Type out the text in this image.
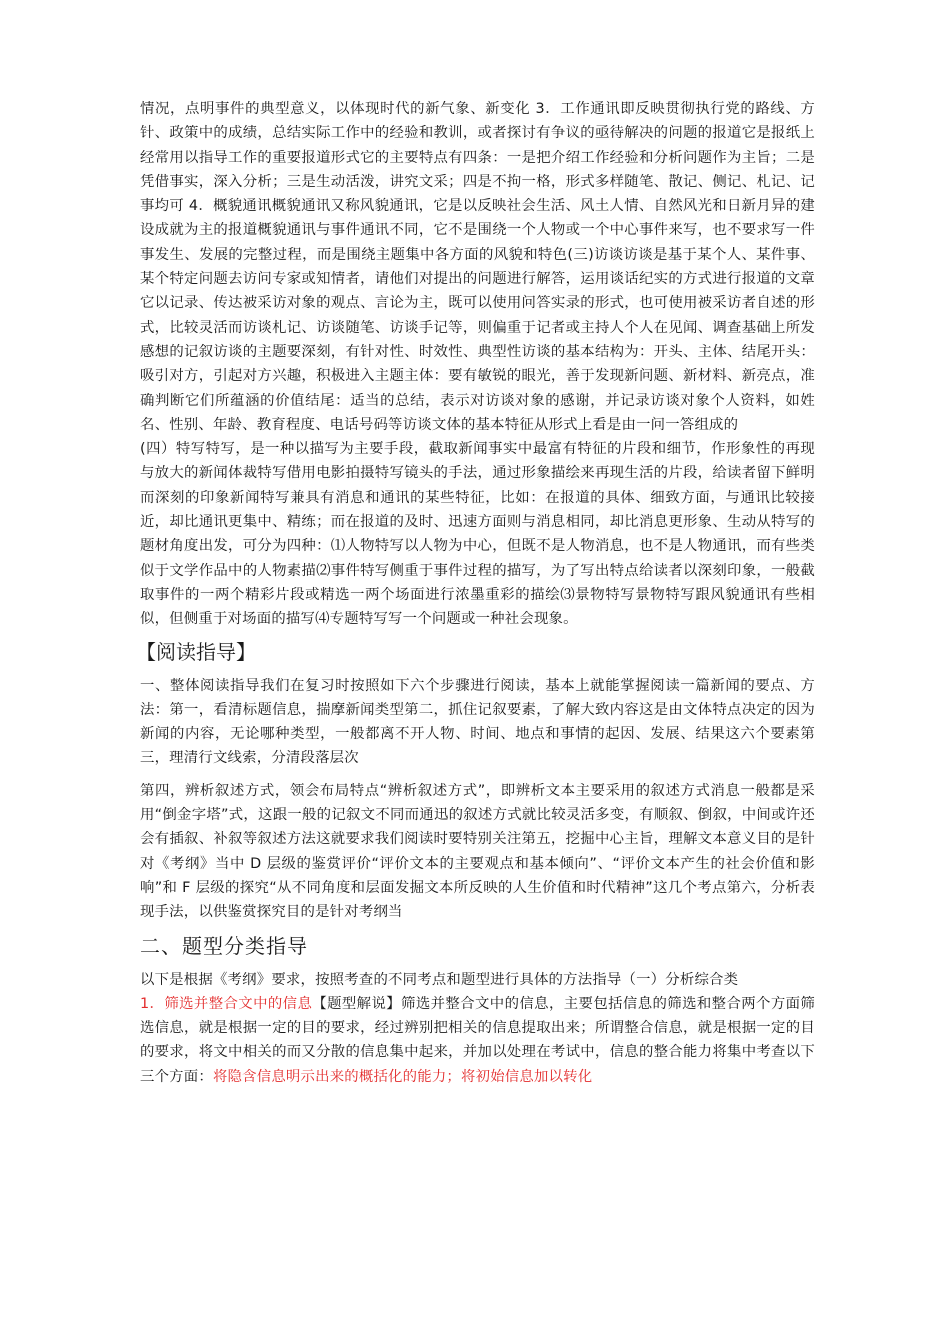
情况，点明事件的典型意义，以体现时代的新气象、新变化 3．工作通讯即反映贯彻执行党的路线、方针、政策中的成绩，总结实际工作中的经验和教训，或者探讨有争议的亟待解决的问题的报道它是报纸上经常用以指导工作的重要报道形式它的主要特点有四条：一是把介绍工作经验和分析问题作为主旨；二是凭借事实，深入分析；三是生动活泼，讲究文采；四是不拘一格，形式多样随笔、散记、侧记、札记、记事均可 4．概貌通讯概貌通讯又称风貌通讯，它是以反映社会生活、风土人情、自然风光和日新月异的建设成就为主的报道概貌通讯与事件通讯不同，它不是围绕一个人物或一个中心事件来写，也不要求写一件事发生、发展的完整过程，而是围绕主题集中各方面的风貌和特色(三)访谈访谈是基于某个人、某件事、某个特定问题去访问专家或知情者，请他们对提出的问题进行解答，运用谈话纪实的方式进行报道的文章它以记录、传达被采访对象的观点、言论为主，既可以使用问答实录的形式，也可使用被采访者自述的形式，比较灵活而访谈札记、访谈随笔、访谈手记等，则偏重于记者或主持人个人在见闻、调查基础上所发感想的记叙访谈的主题要深刻，有针对性、时效性、典型性访谈的基本结构为：开头、主体、结尾开头：吸引对方，引起对方兴趣，积极进入主题主体：要有敏锐的眼光，善于发现新问题、新材料、新亮点，准确判断它们所蕴涵的价值结尾：适当的总结，表示对访谈对象的感谢，并记录访谈对象个人资料，如姓名、性别、年龄、教育程度、电话号码等访谈文体的基本特征从形式上看是由一问一答组成的

(四）特写特写，是一种以描写为主要手段，截取新闻事实中最富有特征的片段和细节，作形象性的再现与放大的新闻体裁特写借用电影拍摄特写镜头的手法，通过形象描绘来再现生活的片段，给读者留下鲜明而深刻的印象新闻特写兼具有消息和通讯的某些特征，比如：在报道的具体、细致方面，与通讯比较接近，却比通讯更集中、精练；而在报道的及时、迅速方面则与消息相同，却比消息更形象、生动从特写的题材角度出发，可分为四种：⑴人物特写以人物为中心，但既不是人物消息，也不是人物通讯，而有些类似于文学作品中的人物素描⑵事件特写侧重于事件过程的描写，为了写出特点给读者以深刻印象，一般截取事件的一两个精彩片段或精选一两个场面进行浓墨重彩的描绘⑶景物特写景物特写跟风貌通讯有些相似，但侧重于对场面的描写⑷专题特写写一个问题或一种社会现象。

【阅读指导】

一、整体阅读指导我们在复习时按照如下六个步骤进行阅读，基本上就能掌握阅读一篇新闻的要点、方法：第一，看清标题信息，揣摩新闻类型第二，抓住记叙要素，了解大致内容这是由文体特点决定的因为新闻的内容，无论哪种类型，一般都离不开人物、时间、地点和事情的起因、发展、结果这六个要素第三，理清行文线索，分清段落层次

第四，辨析叙述方式，领会布局特点“辨析叙述方式”，即辨析文本主要采用的叙述方式消息一般都是采用“倒金字塔”式，这跟一般的记叙文不同而通迅的叙述方式就比较灵活多变，有顺叙、倒叙，中间或许还会有插叙、补叙等叙述方法这就要求我们阅读时要特别关注第五，挖掘中心主旨，理解文本意义目的是针对《考纲》当中 D 层级的鉴赏评价“评价文本的主要观点和基本倾向”、“评价文本产生的社会价值和影响”和 F 层级的探究“从不同角度和层面发掘文本所反映的人生价值和时代精神”这几个考点第六，分析表现手法，以供鉴赏探究目的是针对考纲当

二、题型分类指导

以下是根据《考纲》要求，按照考查的不同考点和题型进行具体的方法指导（一）分析综合类
1．筛选并整合文中的信息【题型解说】筛选并整合文中的信息，主要包括信息的筛选和整合两个方面筛选信息，就是根据一定的目的要求，经过辨别把相关的信息提取出来；所谓整合信息，就是根据一定的目的要求，将文中相关的而又分散的信息集中起来，并加以处理在考试中，信息的整合能力将集中考查以下三个方面：将隐含信息明示出来的概括化的能力；将初始信息加以转化
